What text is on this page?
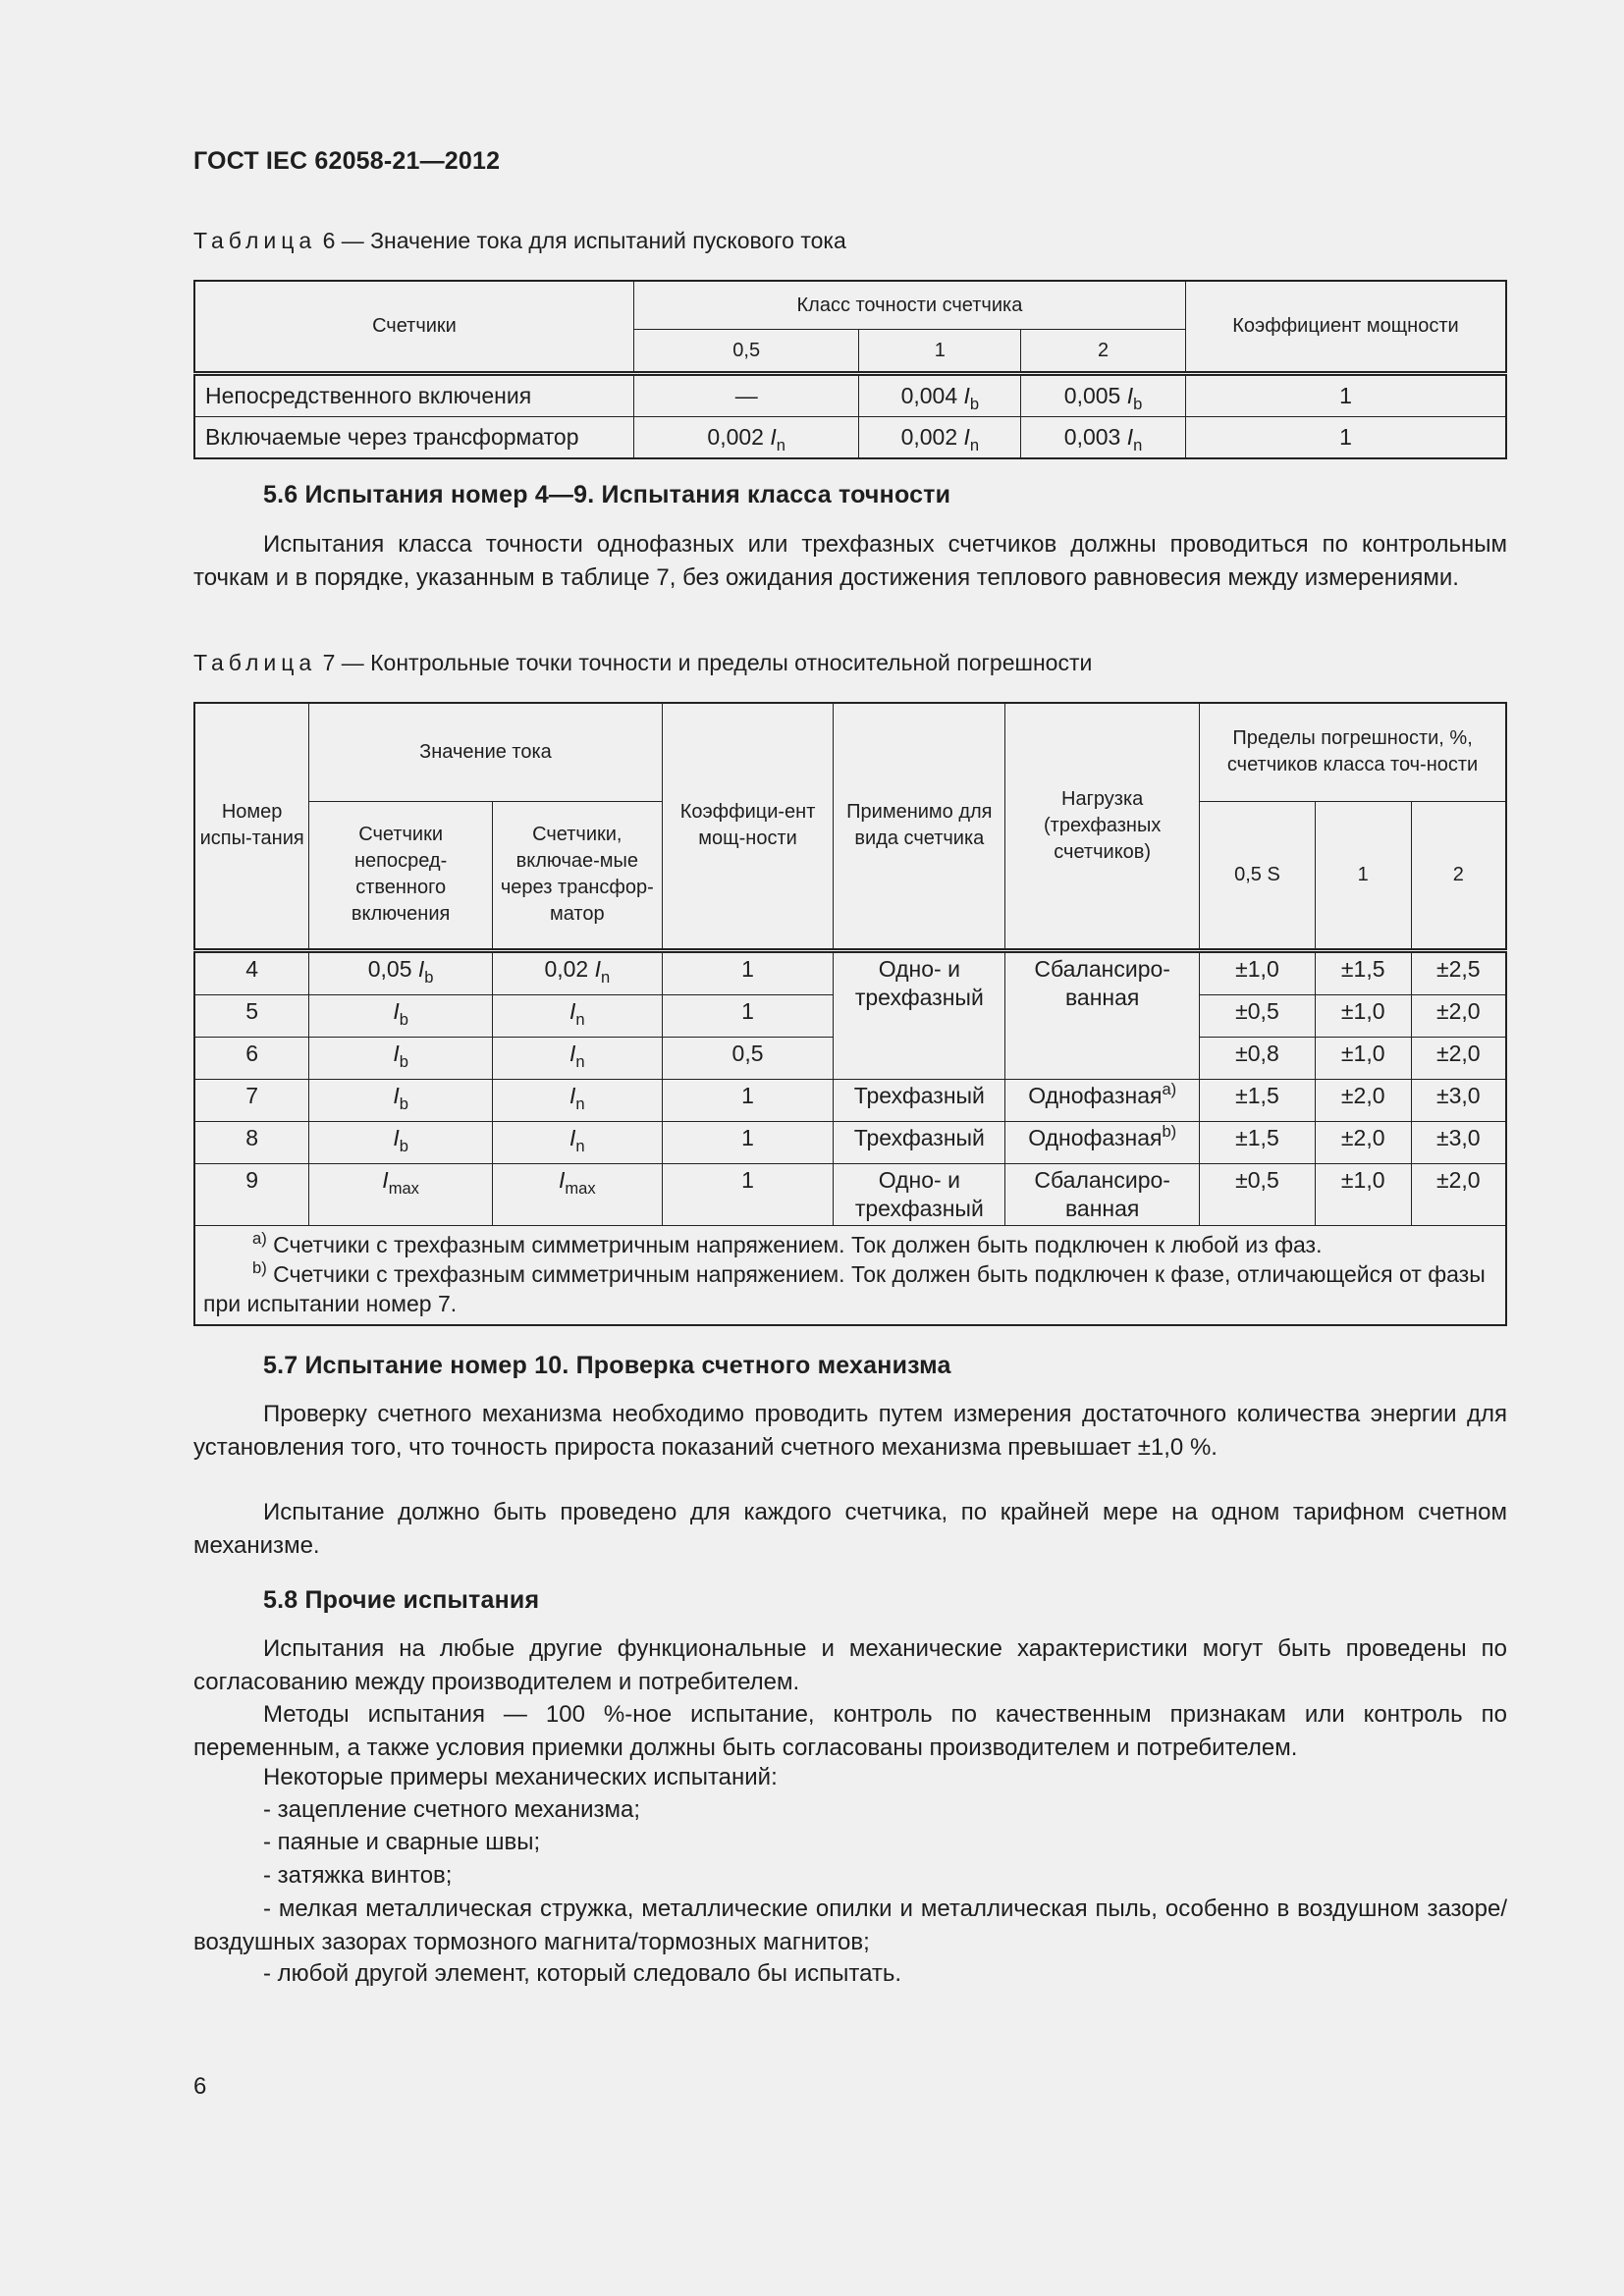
ГОСТ IEC 62058-21—2012
Таблица 6 — Значение тока для испытаний пускового тока
Счетчики	Класс точности счетчика			Коэффициент мощности
	0,5	1	2	
Непосредственного включения	—	0,004 $I_b$	0,005 $I_b$	1
Включаемые через трансформатор	0,002 $I_n$	0,002 $I_n$	0,003 $I_n$	1
5.6 Испытания номер 4—9. Испытания класса точности

Испытания класса точности однофазных или трехфазных счетчиков должны проводиться по контрольным точкам и в порядке, указанным в таблице 7, без ожидания достижения теплового равновесия между измерениями.

Таблица 7 — Контрольные точки точности и пределы относительной погрешности
Номер испы-тания	Значение тока		Коэффици-ент мощ-ности	Применимо для вида счетчика	Нагрузка (трехфазных счетчиков)	Пределы погрешности, %, счетчиков класса точ-ности		
	Счетчики непосред-ственного включения	Счетчики, включае-мые через трансфор-матор				0,5 S	1	2
4	0,05 $I_b$	0,02 $I_n$	1	Одно- и трехфазный	Сбалансиро-ванная	±1,0	±1,5	±2,5
5	$I_b$	$I_n$	1			±0,5	±1,0	±2,0
6	$I_b$	$I_n$	0,5			±0,8	±1,0	±2,0
7	$I_b$	$I_n$	1	Трехфазный	Однофазная$^{a)}$	±1,5	±2,0	±3,0
8	$I_b$	$I_n$	1	Трехфазный	Однофазная$^{b)}$	±1,5	±2,0	±3,0
9	$I_{max}$	$I_{max}$	1	Одно- и трехфазный	Сбалансиро-ванная	±0,5	±1,0	±2,0

$^{a)}$ Счетчики с трехфазным симметричным напряжением. Ток должен быть подключен к любой из фаз.
$^{b)}$ Счетчики с трехфазным симметричным напряжением. Ток должен быть подключен к фазе, отличающейся от фазы при испытании номер 7.								
5.7 Испытание номер 10. Проверка счетного механизма

Проверку счетного механизма необходимо проводить путем измерения достаточного количества энергии для установления того, что точность прироста показаний счетного механизма превышает ±1,0 %.

Испытание должно быть проведено для каждого счетчика, по крайней мере на одном тарифном счетном механизме.

5.8 Прочие испытания

Испытания на любые другие функциональные и механические характеристики могут быть проведены по согласованию между производителем и потребителем.

Методы испытания — 100 %-ное испытание, контроль по качественным признакам или контроль по переменным, а также условия приемки должны быть согласованы производителем и потребителем.

Некоторые примеры механических испытаний:
- зацепление счетного механизма;
- паяные и сварные швы;
- затяжка винтов;

- мелкая металлическая стружка, металлические опилки и металлическая пыль, особенно в воздушном зазоре/воздушных зазорах тормозного магнита/тормозных магнитов;

- любой другой элемент, который следовало бы испытать.
6
